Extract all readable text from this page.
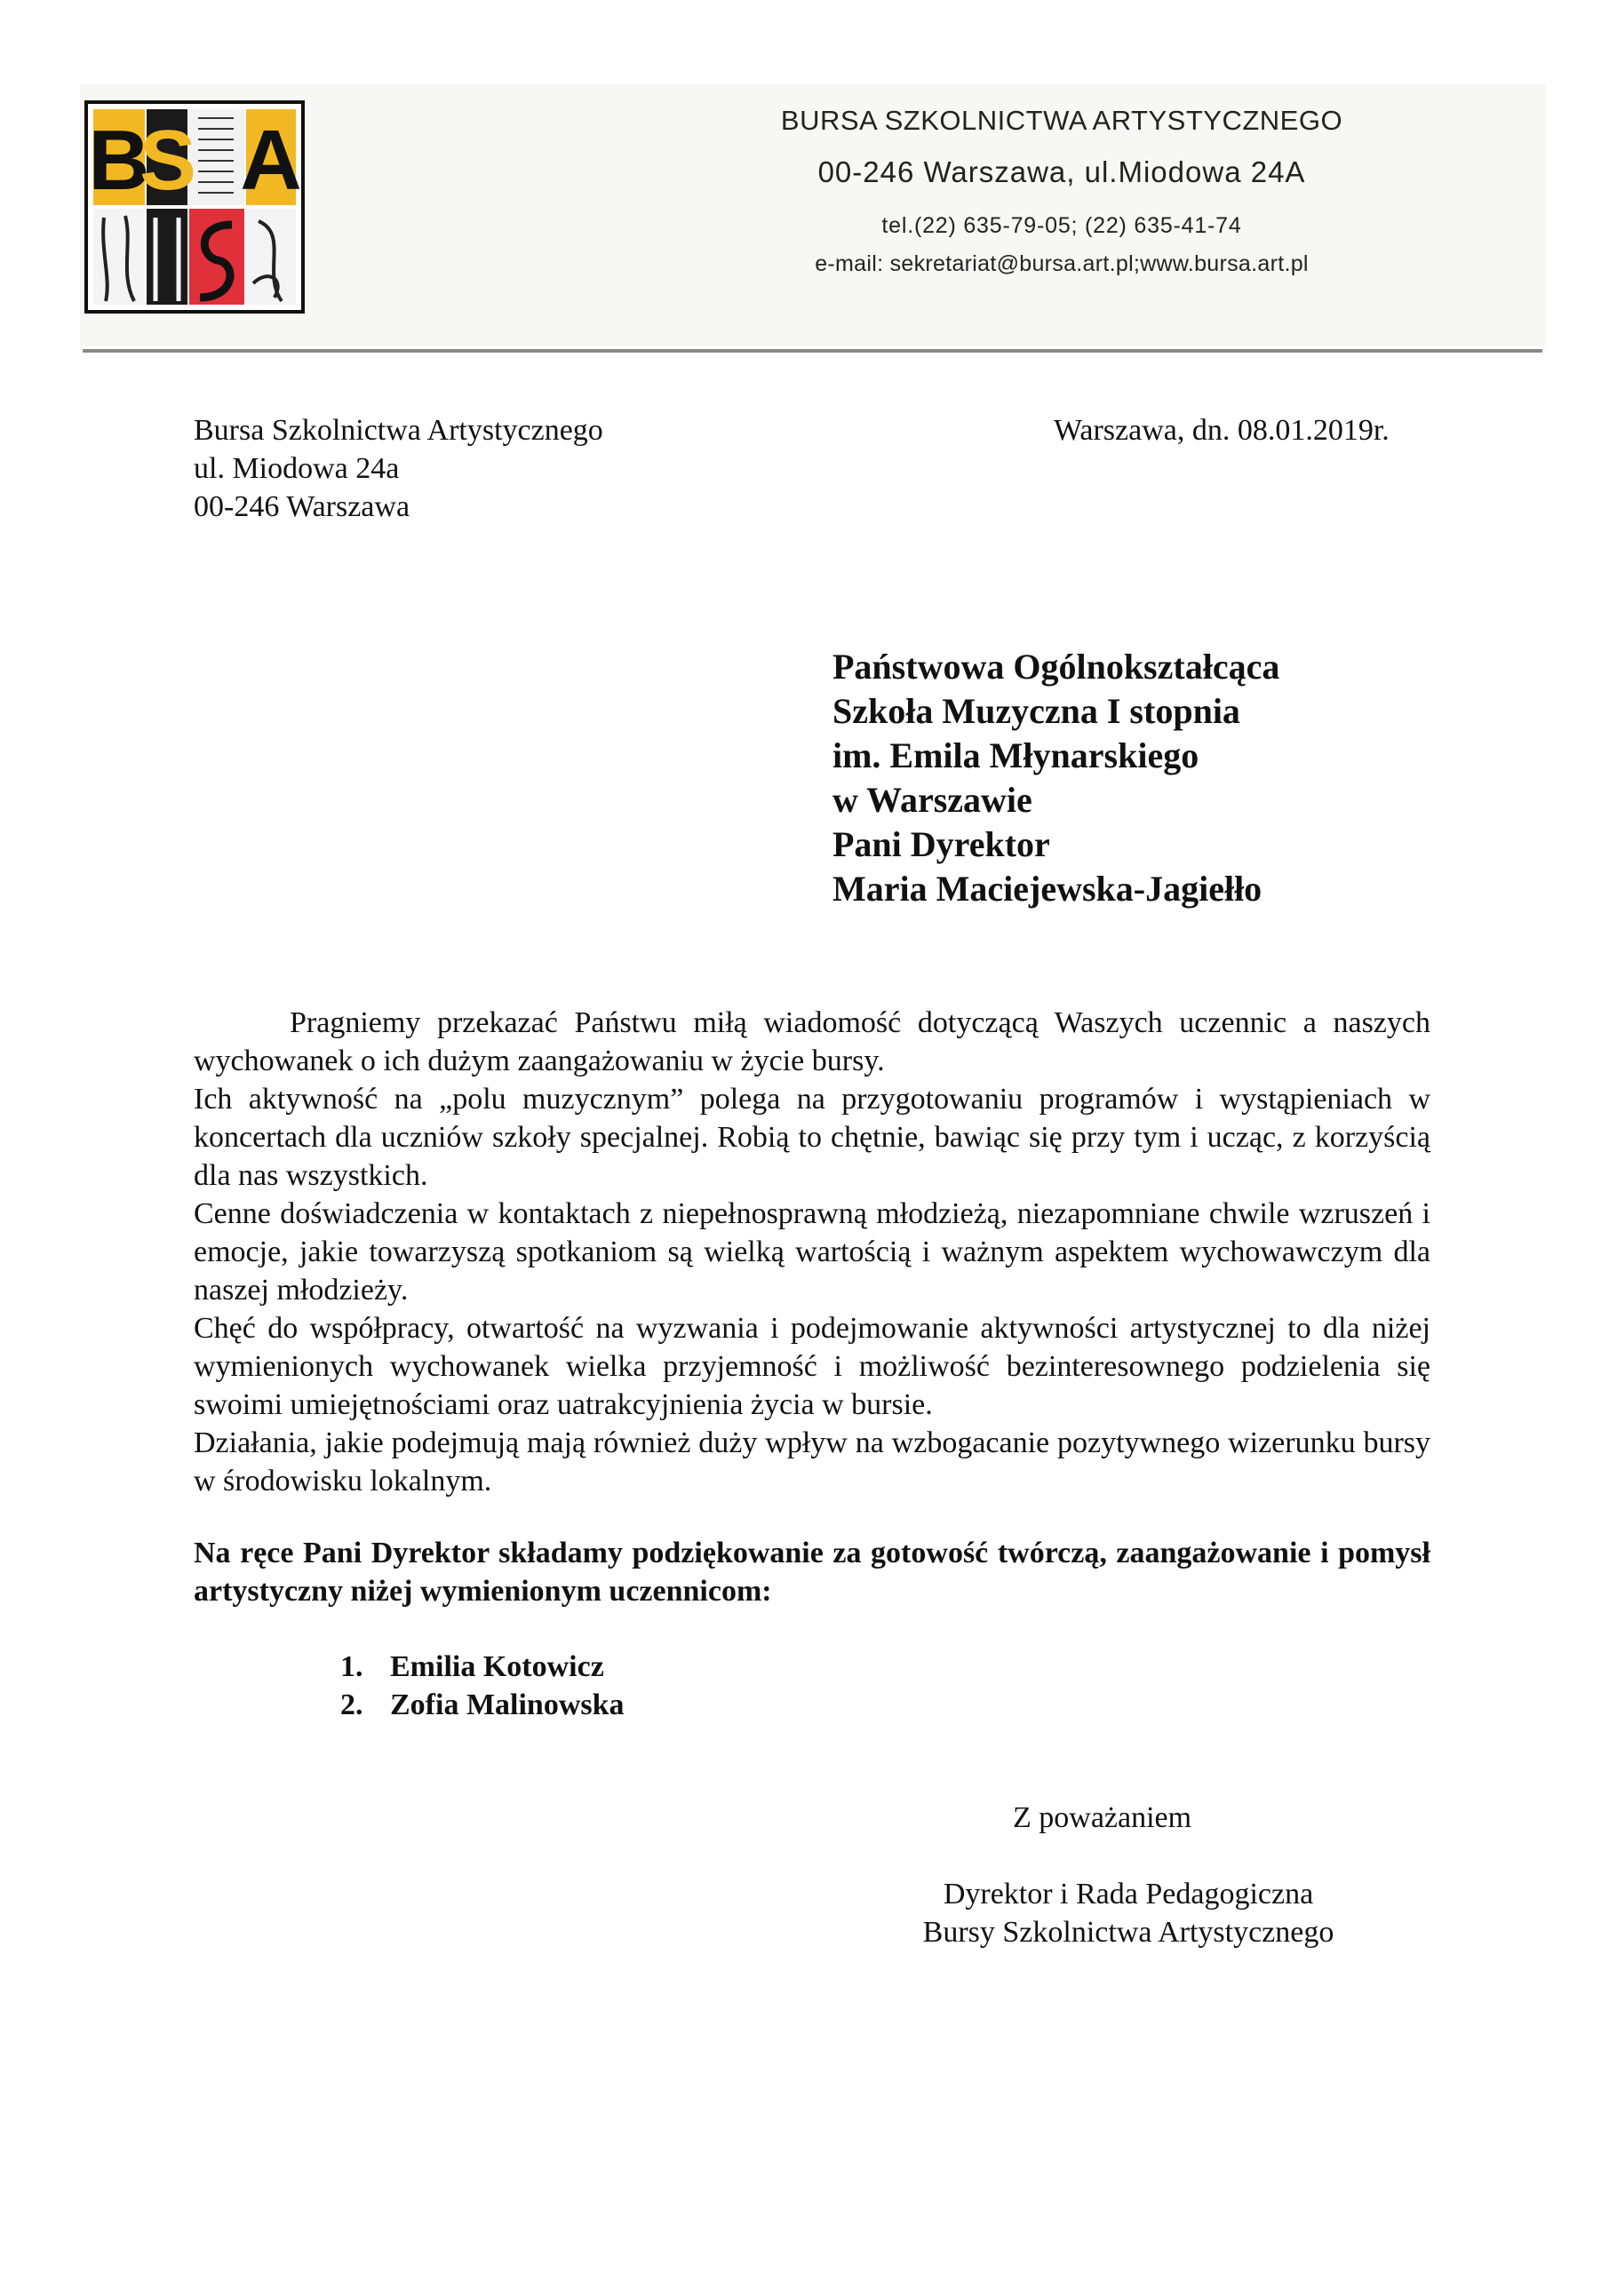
B
S A	BURSA SZKOLNICTWA ARTYSTYCZNEGO
00-246 Warszawa, ul.Miodowa 24A
tel.(22) 635-79-05; (22) 635-41-74
e-mail: sekretariat@bursa.art.pl;www.bursa.art.pl
Bursa Szkolnictwa Artystycznego
ul. Miodowa 24a
00-246 Warszawa
Warszawa, dn. 08.01.2019r.
Państwowa Ogólnokształcąca
Szkoła Muzyczna I stopnia
im. Emila Młynarskiego
w Warszawie
Pani Dyrektor
Maria Maciejewska-Jagiełło

Pragniemy przekazać Państwu miłą wiadomość dotyczącą Waszych uczennic a naszych wychowanek o ich dużym zaangażowaniu w życie bursy.

Ich aktywność na „polu muzycznym” polega na przygotowaniu programów i wystąpieniach w koncertach dla uczniów szkoły specjalnej. Robią to chętnie, bawiąc się przy tym i ucząc, z korzyścią dla nas wszystkich.

Cenne doświadczenia w kontaktach z niepełnosprawną młodzieżą, niezapomniane chwile wzruszeń i emocje, jakie towarzyszą spotkaniom są wielką wartością i ważnym aspektem wychowawczym dla naszej młodzieży.

Chęć do współpracy, otwartość na wyzwania i podejmowanie aktywności artystycznej to dla niżej wymienionych wychowanek wielka przyjemność i możliwość bezinteresownego podzielenia się swoimi umiejętnościami oraz uatrakcyjnienia życia w bursie.

Działania, jakie podejmują mają również duży wpływ na wzbogacanie pozytywnego wizerunku bursy w środowisku lokalnym.

Na ręce Pani Dyrektor składamy podziękowanie za gotowość twórczą, zaangażowanie i pomysł artystyczny niżej wymienionym uczennicom:
1. Emilia Kotowicz
2. Zofia Malinowska
Z poważaniem
Dyrektor i Rada Pedagogiczna
Bursy Szkolnictwa Artystycznego
